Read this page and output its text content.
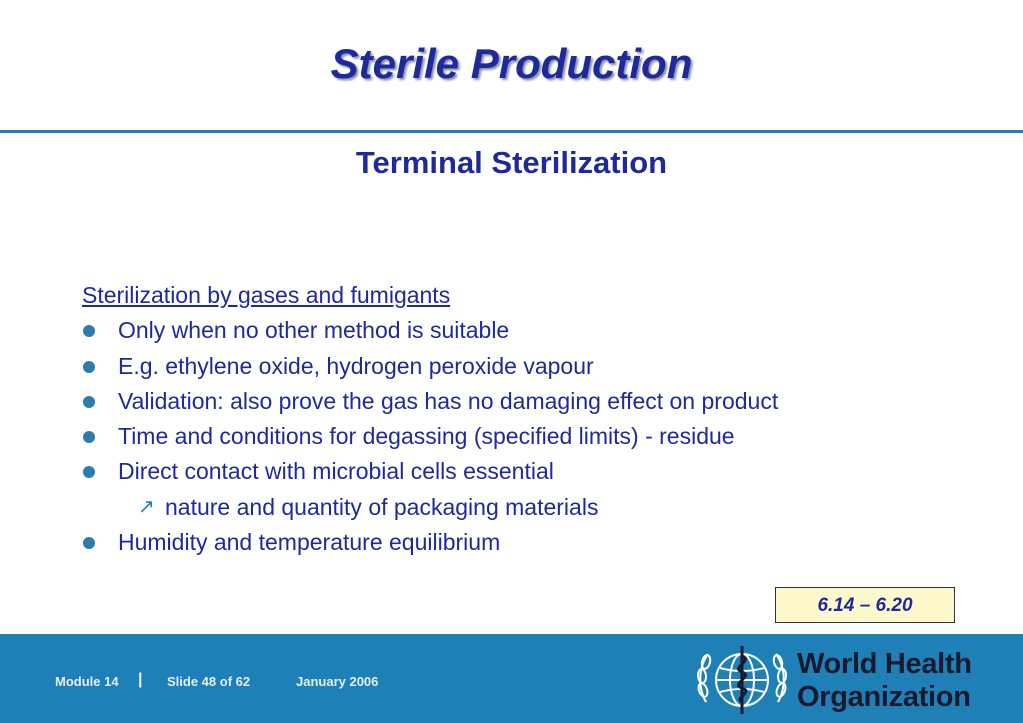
Sterile Production
Terminal Sterilization
Sterilization by gases and fumigants
Only when no other method is suitable
E.g. ethylene oxide, hydrogen peroxide vapour
Validation: also prove the gas has no damaging effect on product
Time and conditions for degassing (specified limits) - residue
Direct contact with microbial cells essential
↗ nature and quantity of packaging materials
Humidity and temperature equilibrium
6.14 – 6.20
Module 14 | Slide 48 of 62	January 2006
World Health
Organization
